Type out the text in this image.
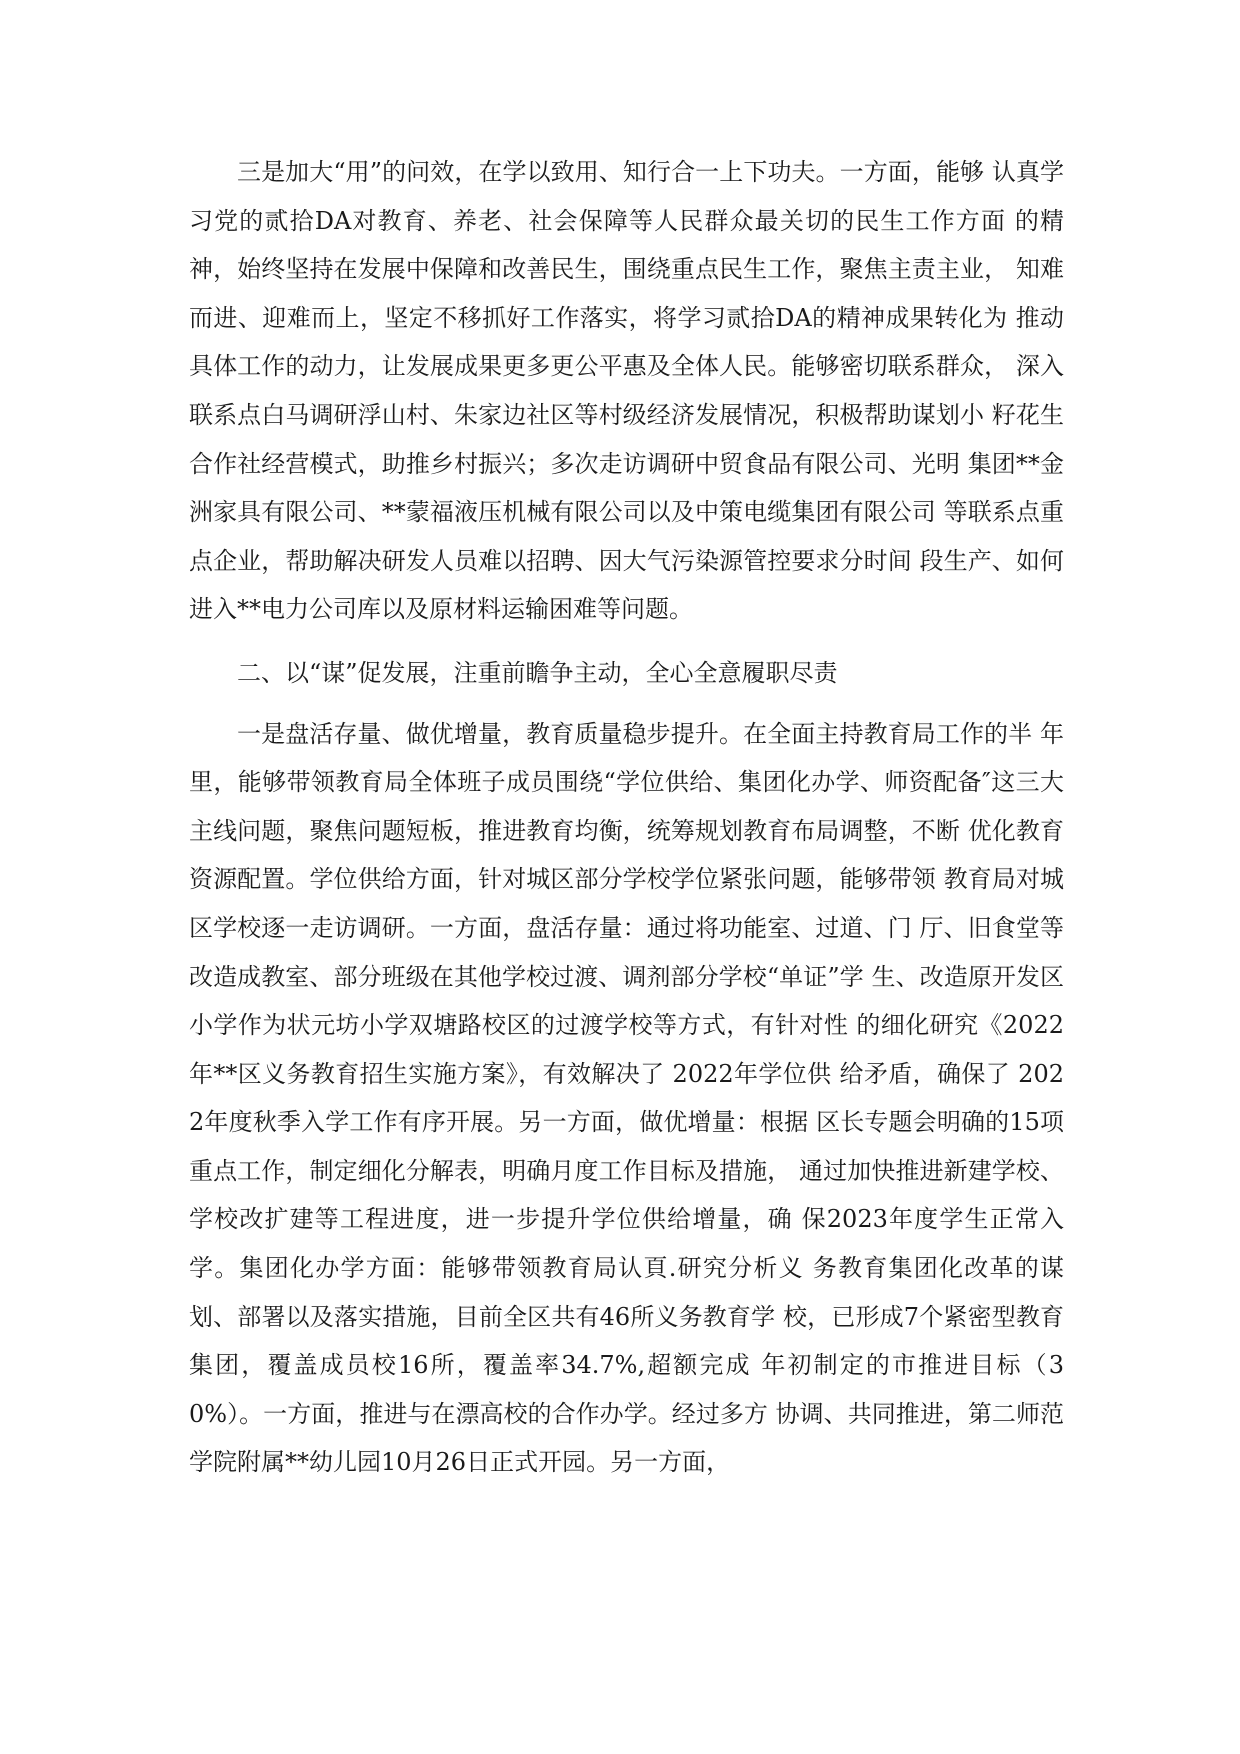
三是加大“用”的问效，在学以致用、知行合一上下功夫。一方面，能够 认真学习党的贰拾DA对教育、养老、社会保障等人民群众最关切的民生工作方面 的精神，始终坚持在发展中保障和改善民生，围绕重点民生工作，聚焦主责主业， 知难而进、迎难而上，坚定不移抓好工作落实，将学习贰拾DA的精神成果转化为 推动具体工作的动力，让发展成果更多更公平惠及全体人民。能够密切联系群众， 深入联系点白马调研浮山村、朱家边社区等村级经济发展情况，积极帮助谋划小 籽花生合作社经营模式，助推乡村振兴；多次走访调研中贸食品有限公司、光明 集团**金洲家具有限公司、**蒙福液压机械有限公司以及中策电缆集团有限公司 等联系点重点企业，帮助解决研发人员难以招聘、因大气污染源管控要求分时间 段生产、如何进入**电力公司库以及原材料运输困难等问题。

二、以“谋”促发展，注重前瞻争主动，全心全意履职尽责

一是盘活存量、做优增量，教育质量稳步提升。在全面主持教育局工作的半 年里，能够带领教育局全体班子成员围绕“学位供给、集团化办学、师资配备″这三大主线问题，聚焦问题短板，推进教育均衡，统筹规划教育布局调整，不断 优化教育资源配置。学位供给方面，针对城区部分学校学位紧张问题，能够带领 教育局对城区学校逐一走访调研。一方面，盘活存量：通过将功能室、过道、门 厅、旧食堂等改造成教室、部分班级在其他学校过渡、调剂部分学校“单证”学 生、改造原开发区小学作为状元坊小学双塘路校区的过渡学校等方式，有针对性 的细化研究《2022年**区义务教育招生实施方案》，有效解决了 2022年学位供 给矛盾，确保了 2022年度秋季入学工作有序开展。另一方面，做优增量：根据 区长专题会明确的15项重点工作，制定细化分解表，明确月度工作目标及措施， 通过加快推进新建学校、学校改扩建等工程进度，进一步提升学位供给增量，确 保2023年度学生正常入学。集团化办学方面：能够带领教育局认頁.研究分析义 务教育集团化改革的谋划、部署以及落实措施，目前全区共有46所义务教育学 校，已形成7个紧密型教育集团，覆盖成员校16所，覆盖率34.7%,超额完成 年初制定的市推进目标（30%）。一方面，推进与在漂高校的合作办学。经过多方 协调、共同推进，第二师范学院附属**幼儿园10月26日正式开园。另一方面，
